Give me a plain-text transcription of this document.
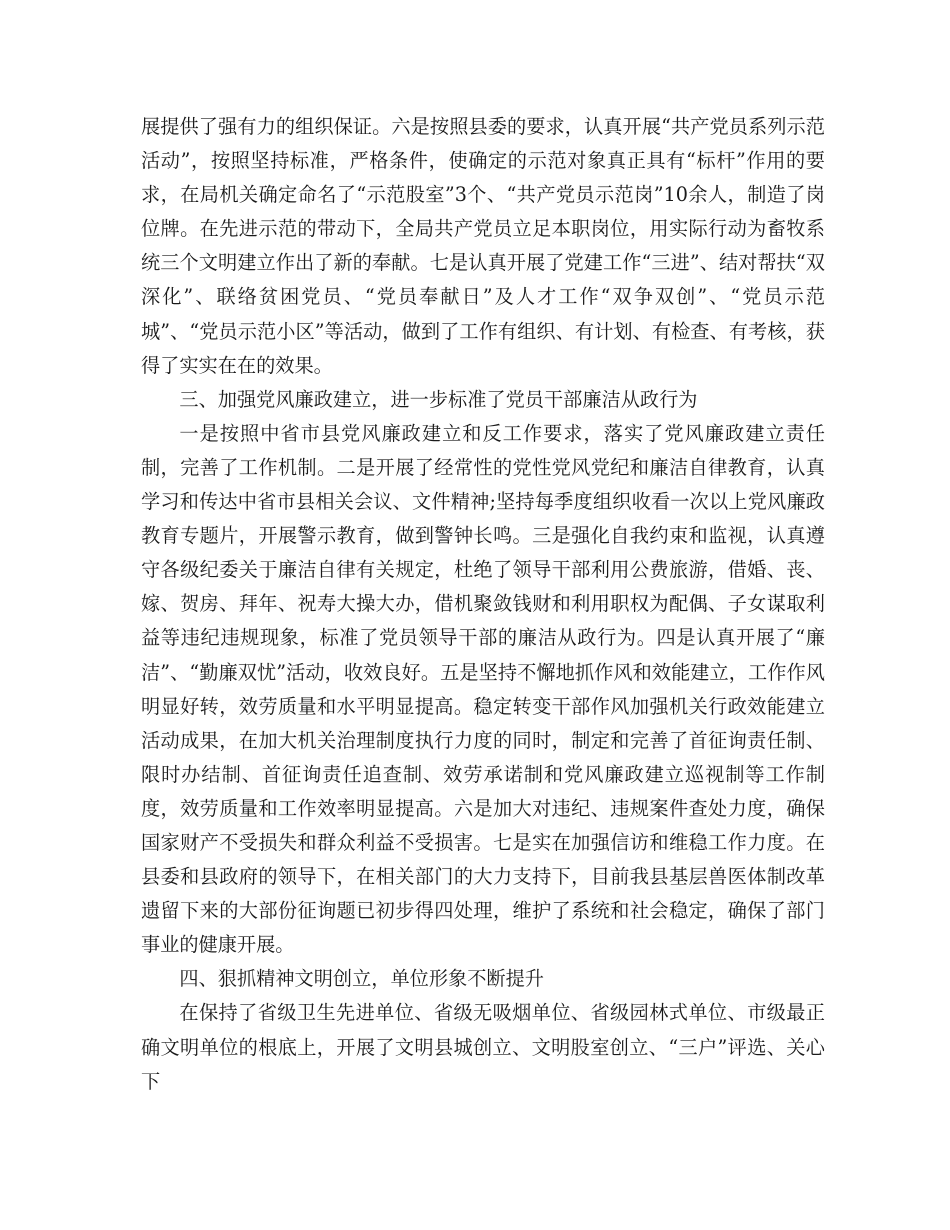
展提供了强有力的组织保证。六是按照县委的要求，认真开展“共产党员系列示范活动”，按照坚持标准，严格条件，使确定的示范对象真正具有“标杆”作用的要求，在局机关确定命名了“示范股室”3个、“共产党员示范岗”10余人，制造了岗位牌。在先进示范的带动下，全局共产党员立足本职岗位，用实际行动为畜牧系统三个文明建立作出了新的奉献。七是认真开展了党建工作“三进”、结对帮扶“双深化”、联络贫困党员、“党员奉献日”及人才工作“双争双创”、“党员示范城”、“党员示范小区”等活动，做到了工作有组织、有计划、有检查、有考核，获得了实实在在的效果。

三、加强党风廉政建立，进一步标准了党员干部廉洁从政行为

一是按照中省市县党风廉政建立和反工作要求，落实了党风廉政建立责任制，完善了工作机制。二是开展了经常性的党性党风党纪和廉洁自律教育，认真学习和传达中省市县相关会议、文件精神;坚持每季度组织收看一次以上党风廉政教育专题片，开展警示教育，做到警钟长鸣。三是强化自我约束和监视，认真遵守各级纪委关于廉洁自律有关规定，杜绝了领导干部利用公费旅游，借婚、丧、嫁、贺房、拜年、祝寿大操大办，借机聚敛钱财和利用职权为配偶、子女谋取利益等违纪违规现象，标准了党员领导干部的廉洁从政行为。四是认真开展了“廉洁”、“勤廉双忧”活动，收效良好。五是坚持不懈地抓作风和效能建立，工作作风明显好转，效劳质量和水平明显提高。稳定转变干部作风加强机关行政效能建立活动成果，在加大机关治理制度执行力度的同时，制定和完善了首征询责任制、限时办结制、首征询责任追查制、效劳承诺制和党风廉政建立巡视制等工作制度，效劳质量和工作效率明显提高。六是加大对违纪、违规案件查处力度，确保国家财产不受损失和群众利益不受损害。七是实在加强信访和维稳工作力度。在县委和县政府的领导下，在相关部门的大力支持下，目前我县基层兽医体制改革遗留下来的大部份征询题已初步得四处理，维护了系统和社会稳定，确保了部门事业的健康开展。

四、狠抓精神文明创立，单位形象不断提升

在保持了省级卫生先进单位、省级无吸烟单位、省级园林式单位、市级最正确文明单位的根底上，开展了文明县城创立、文明股室创立、“三户”评选、关心下
